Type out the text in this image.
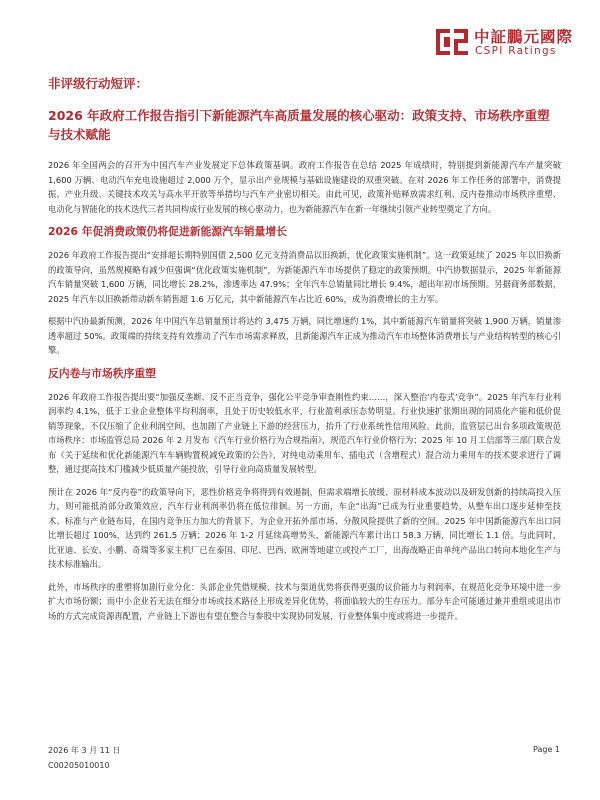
中証鵬元國際
CSPI Ratings
非评级行动短评：
2026 年政府工作报告指引下新能源汽车高质量发展的核心驱动：政策支持、市场秩序重塑与技术赋能

2026 年全国两会的召开为中国汽车产业发展定下总体政策基调。政府工作报告在总结 2025 年成绩时，特别提到新能源汽车产量突破 1,600 万辆、电动汽车充电设施超过 2,000 万个，显示出产业规模与基础设施建设的双重突破。在对 2026 年工作任务的部署中，消费提振、产业升级、关键技术攻关与高水平开放等举措均与汽车产业密切相关。由此可见，政策补贴释放需求红利、反内卷推动市场秩序重塑、电动化与智能化的技术迭代三者共同构成行业发展的核心驱动力，也为新能源汽车在新一年继续引领产业转型奠定了方向。

2026 年促消费政策仍将促进新能源汽车销量增长

2026 年政府工作报告提出“安排超长期特别国债 2,500 亿元支持消费品以旧换新，优化政策实施机制”。这一政策延续了 2025 年以旧换新的政策导向，虽然规模略有减少但强调“优化政策实施机制”，为新能源汽车市场提供了稳定的政策预期。中汽协数据显示，2025 年新能源汽车销量突破 1,600 万辆，同比增长 28.2%，渗透率达 47.9%；全年汽车总销量同比增长 9.4%，超出年初市场预期。另据商务部数据，2025 年汽车以旧换新带动新车销售超 1.6 万亿元，其中新能源汽车占比近 60%，成为消费增长的主力军。

根据中汽协最新预测，2026 年中国汽车总销量预计将达约 3,475 万辆，同比增速约 1%，其中新能源汽车销量将突破 1,900 万辆，销量渗透率超过 50%。政策端的持续支持有效推动了汽车市场需求释放，且新能源汽车正成为推动汽车市场整体消费增长与产业结构转型的核心引擎。

反内卷与市场秩序重塑

2026 年政府工作报告提出要“加强反垄断、反不正当竞争，强化公平竞争审查刚性约束……，深入整治‘内卷式’竞争”。2025 年汽车行业利润率约 4.1%，低于工业企业整体平均利润率，且处于历史较低水平，行业盈利承压态势明显。行业快速扩张期出现的同质化产能和低价促销等现象，不仅压缩了企业利润空间，也加剧了产业链上下游的经营压力，抬升了行业系统性信用风险。此前，监管层已出台多项政策规范市场秩序：市场监管总局 2026 年 2 月发布《汽车行业价格行为合规指南》，规范汽车行业价格行为；2025 年 10 月工信部等三部门联合发布《关于延续和优化新能源汽车车辆购置税减免政策的公告》，对纯电动乘用车、插电式（含增程式）混合动力乘用车的技术要求进行了调整，通过提高技术门槛减少低质量产能投放，引导行业向高质量发展转型。

预计在 2026 年“反内卷”的政策导向下，恶性价格竞争将得到有效遏制，但需求端增长放缓、原材料成本波动以及研发创新的持续高投入压力，则可能抵消部分政策效应，汽车行业利润率仍将在低位徘徊。另一方面，车企“出海”已成为行业重要趋势，从整车出口逐步延伸至技术、标准与产业链布局，在国内竞争压力加大的背景下，为企业开拓外部市场、分散风险提供了新的空间。2025 年中国新能源汽车出口同比增长超过 100%，达到约 261.5 万辆；2026 年 1-2 月延续高增势头，新能源汽车累计出口 58.3 万辆，同比增长 1.1 倍。与此同时，比亚迪、长安、小鹏、奇瑞等多家主机厂已在泰国、印尼、巴西、欧洲等地建立或投产工厂，出海战略正由单纯产品出口转向本地化生产与技术标准输出。

此外，市场秩序的重塑将加剧行业分化：头部企业凭借规模、技术与渠道优势将获得更强的议价能力与利润率，在规范化竞争环境中进一步扩大市场份额；而中小企业若无法在细分市场或技术路径上形成差异化优势，将面临较大的生存压力。部分车企可能通过兼并重组或退出市场的方式完成资源再配置，产业链上下游也有望在整合与参股中实现协同发展，行业整体集中度或将进一步提升。

2026 年 3 月 11 日
C00205010010
Page 1
